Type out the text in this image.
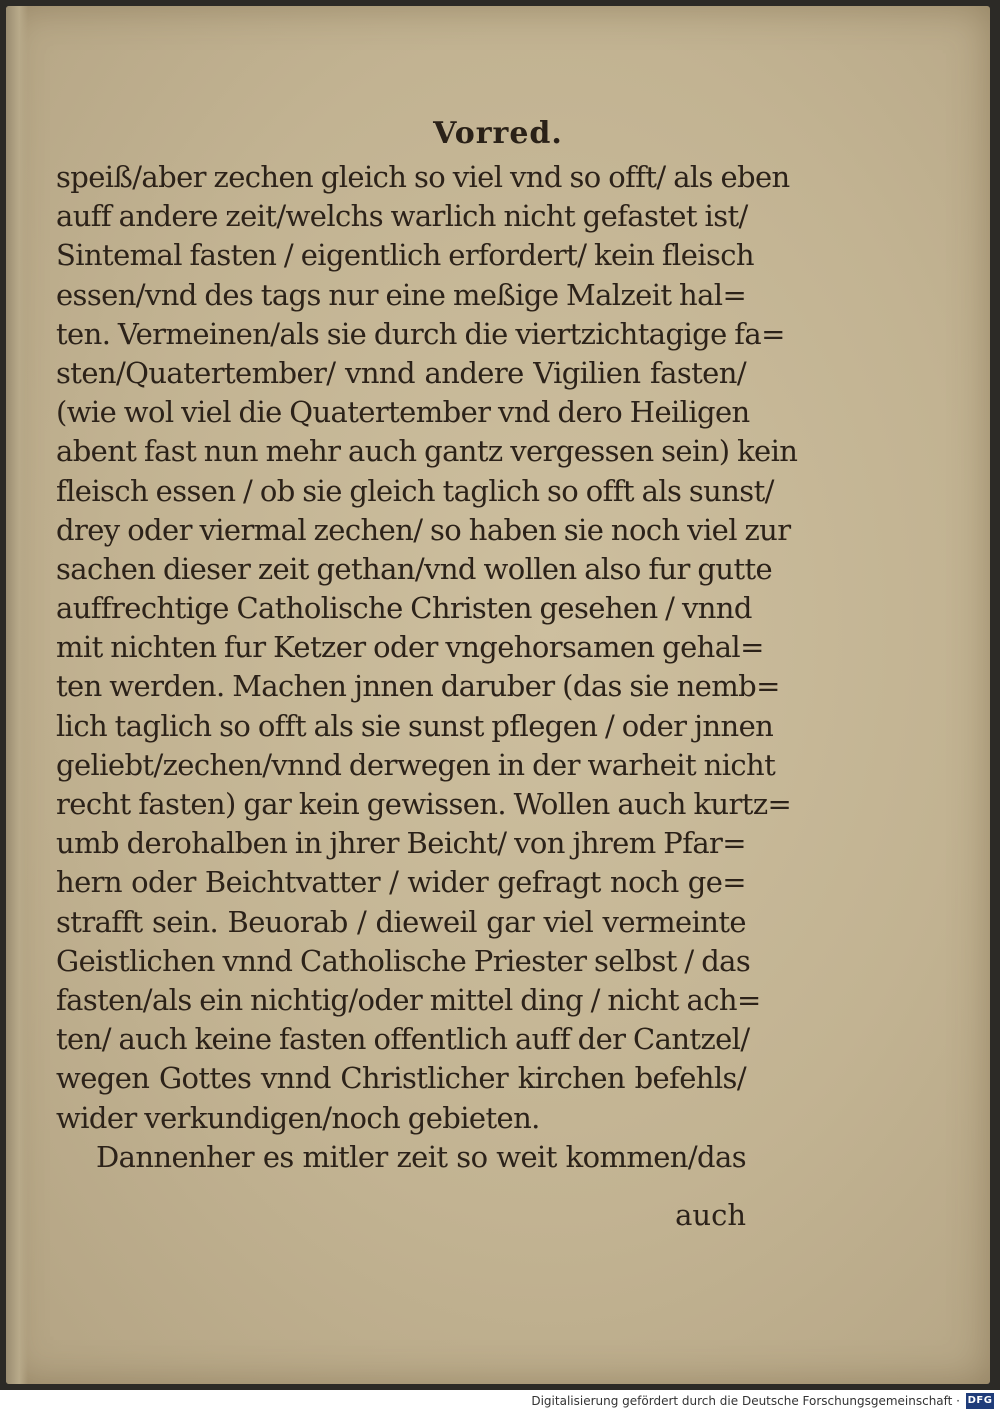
Vorred.
speiß/aber zechen gleich so viel vnd so offt/ als eben
auff andere zeit/welchs warlich nicht gefastet ist/
Sintemal fasten / eigentlich erfordert/ kein fleisch
essen/vnd des tags nur eine meßige Malzeit hal=
ten. Vermeinen/als sie durch die viertzichtagige fa=
sten/Quatertember/ vnnd andere Vigilien fasten/
(wie wol viel die Quatertember vnd dero Heiligen
abent fast nun mehr auch gantz vergessen sein) kein
fleisch essen / ob sie gleich taglich so offt als sunst/
drey oder viermal zechen/ so haben sie noch viel zur
sachen dieser zeit gethan/vnd wollen also fur gutte
auffrechtige Catholische Christen gesehen / vnnd
mit nichten fur Ketzer oder vngehorsamen gehal=
ten werden. Machen jnnen daruber (das sie nemb=
lich taglich so offt als sie sunst pflegen / oder jnnen
geliebt/zechen/vnnd derwegen in der warheit nicht
recht fasten) gar kein gewissen. Wollen auch kurtz=
umb derohalben in jhrer Beicht/ von jhrem Pfar=
hern oder Beichtvatter / wider gefragt noch ge=
strafft sein. Beuorab / dieweil gar viel vermeinte
Geistlichen vnnd Catholische Priester selbst / das
fasten/als ein nichtig/oder mittel ding / nicht ach=
ten/ auch keine fasten offentlich auff der Cantzel/
wegen Gottes vnnd Christlicher kirchen befehls/
wider verkundigen/noch gebieten.
Dannenher es mitler zeit so weit kommen/das
auch
Digitalisierung gefördert durch die Deutsche Forschungsgemeinschaft · DFG
